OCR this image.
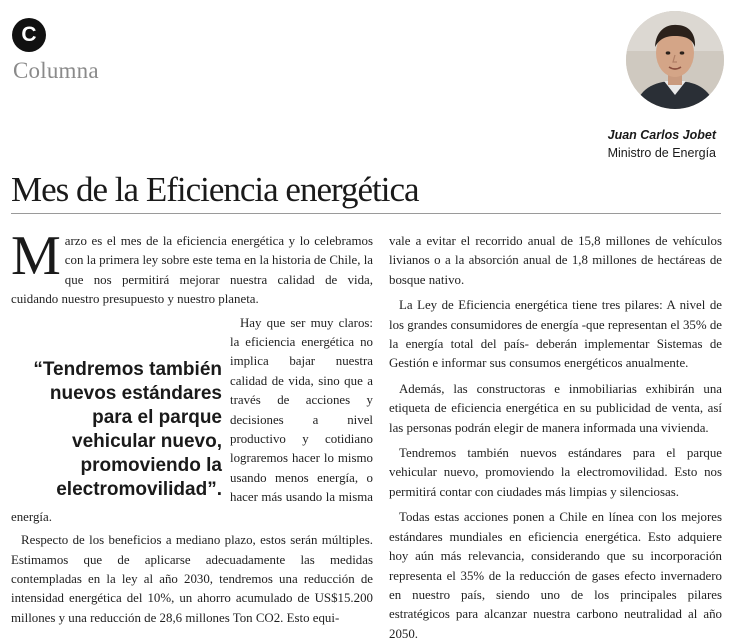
C
Columna
Juan Carlos Jobet
Ministro de Energía
Mes de la Eficiencia energética

Marzo es el mes de la eficiencia energética y lo celebramos con la primera ley sobre este tema en la historia de Chile, la que nos permitirá mejorar nuestra calidad de vida, cuidando nuestro presupuesto y nuestro planeta.

“Tendremos también nuevos estándares para el parque vehicular nuevo, promoviendo la electromovilidad”.
Hay que ser muy claros: la eficiencia energética no implica bajar nuestra calidad de vida, sino que a través de acciones y decisiones a nivel productivo y cotidiano lograremos hacer lo mismo usando menos energía, o hacer más usando la misma energía.

Respecto de los beneficios a mediano plazo, estos serán múltiples. Estimamos que de aplicarse adecuadamente las medidas contempladas en la ley al año 2030, tendremos una reducción de intensidad energética del 10%, un ahorro acumulado de US$15.200 millones y una reducción de 28,6 millones Ton CO2. Esto equi-

vale a evitar el recorrido anual de 15,8 millones de vehículos livianos o a la absorción anual de 1,8 millones de hectáreas de bosque nativo.

La Ley de Eficiencia energética tiene tres pilares: A nivel de los grandes consumidores de energía -que representan el 35% de la energía total del país- deberán implementar Sistemas de Gestión e informar sus consumos energéticos anualmente.

Además, las constructoras e inmobiliarias exhibirán una etiqueta de eficiencia energética en su publicidad de venta, así las personas podrán elegir de manera informada una vivienda.

Tendremos también nuevos estándares para el parque vehicular nuevo, promoviendo la electromovilidad. Esto nos permitirá contar con ciudades más limpias y silenciosas.

Todas estas acciones ponen a Chile en línea con los mejores estándares mundiales en eficiencia energética. Esto adquiere hoy aún más relevancia, considerando que su incorporación representa el 35% de la reducción de gases efecto invernadero en nuestro país, siendo uno de los principales pilares estratégicos para alcanzar nuestra carbono neutralidad al año 2050.
